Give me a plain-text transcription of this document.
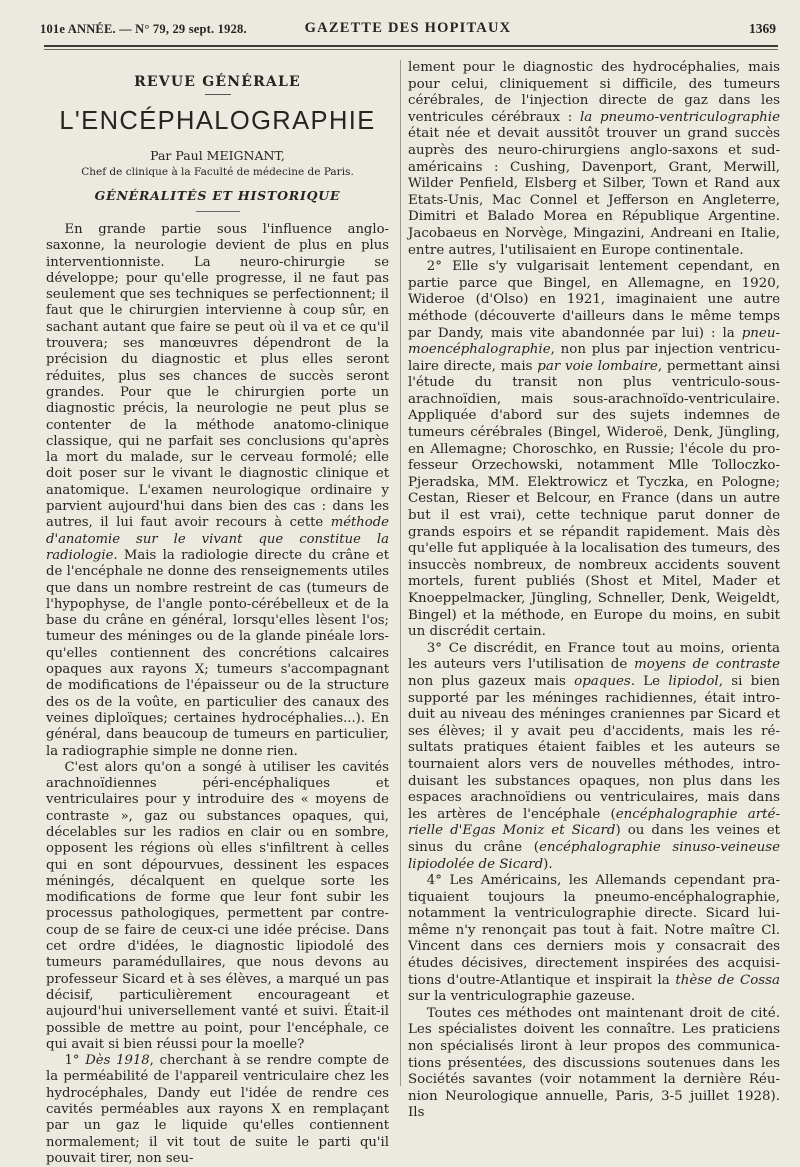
101e ANNÉE. — N° 79, 29 sept. 1928.	GAZETTE DES HOPITAUX	1369
REVUE GÉNÉRALE
L'ENCÉPHALOGRAPHIE
Par Paul MEIGNANT,
Chef de clinique à la Faculté de médecine de Paris.
GÉNÉRALITÉS ET HISTORIQUE

En grande partie sous l'influence anglo-saxonne, la neurologie devient de plus en plus interventionniste. La neuro-chirurgie se développe; pour qu'elle progresse, il ne faut pas seulement que ses techniques se perfectionnent; il faut que le chirurgien intervienne à coup sûr, en sachant autant que faire se peut où il va et ce qu'il trouvera; ses manœuvres dépendront de la précision du diagnostic et plus elles seront réduites, plus ses chances de succès seront grandes. Pour que le chirurgien porte un diagnostic précis, la neurologie ne peut plus se contenter de la méthode anatomo-clinique classique, qui ne parfait ses conclusions qu'après la mort du malade, sur le cerveau formolé; elle doit poser sur le vivant le diagnostic clinique et anatomique. L'examen neurologique ordinaire y parvient aujourd'hui dans bien des cas : dans les autres, il lui faut avoir recours à cette méthode d'anatomie sur le vivant que constitue la radiologie. Mais la radiologie directe du crâne et de l'encéphale ne donne des renseignements utiles que dans un nombre restreint de cas (tumeurs de l'hypophyse, de l'angle ponto-cérébelleux et de la base du crâne en général, lorsqu'elles lèsent l'os; tumeur des méninges ou de la glande pinéale lorsqu'elles contiennent des concrétions calcaires opaques aux rayons X; tumeurs s'accompagnant de modifications de l'épaisseur ou de la structure des os de la voûte, en particulier des canaux des veines diploïques; certaines hydrocéphalies...). En général, dans beaucoup de tumeurs en particulier, la radiographie simple ne donne rien.

C'est alors qu'on a songé à utiliser les cavités arachnoïdiennes péri-encéphaliques et ventriculaires pour y introduire des « moyens de contraste », gaz ou substances opaques, qui, décelables sur les radios en clair ou en sombre, opposent les régions où elles s'infiltrent à celles qui en sont dépourvues, dessinent les espaces méningés, décalquent en quelque sorte les modifications de forme que leur font subir les processus pathologiques, permettent par contre-coup de se faire de ceux-ci une idée précise. Dans cet ordre d'idées, le diagnostic lipiodolé des tumeurs paramédullaires, que nous devons au professeur Sicard et à ses élèves, a marqué un pas décisif, particulièrement encourageant et aujourd'hui universellement vanté et suivi. Était-il possible de mettre au point, pour l'encéphale, ce qui avait si bien réussi pour la moelle?

1° Dès 1918, cherchant à se rendre compte de la perméabilité de l'appareil ventriculaire chez les hydrocéphales, Dandy eut l'idée de rendre ces cavités perméables aux rayons X en remplaçant par un gaz le liquide qu'elles contiennent normalement; il vit tout de suite le parti qu'il pouvait tirer, non seu-

lement pour le diagnostic des hydrocéphalies, mais pour celui, cliniquement si difficile, des tumeurs cérébrales, de l'injection directe de gaz dans les ventricules cérébraux : la pneumo-ventriculographie était née et devait aussitôt trouver un grand succès auprès des neuro-chirurgiens anglo-saxons et sud-américains : Cushing, Davenport, Grant, Merwill, Wilder Penfield, Elsberg et Silber, Town et Rand aux Etats-Unis, Mac Connel et Jefferson en Angleterre, Dimitri et Balado Morea en République Argentine. Jacobaeus en Norvège, Mingazini, Andreani en Italie, entre autres, l'utilisaient en Europe continentale.

2° Elle s'y vulgarisait lentement cependant, en partie parce que Bingel, en Allemagne, en 1920, Wideroe (d'Olso) en 1921, imaginaient une autre méthode (découverte d'ailleurs dans le même temps par Dandy, mais vite abandonnée par lui) : la pneumoencéphalographie, non plus par injection ventriculaire directe, mais par voie lombaire, permettant ainsi l'étude du transit non plus ventriculo-sous-arachnoïdien, mais sous-arachnoïdo-ventriculaire. Appliquée d'abord sur des sujets indemnes de tumeurs cérébrales (Bingel, Wideroë, Denk, Jüngling, en Allemagne; Choroschko, en Russie; l'école du professeur Orzechowski, notamment Mlle Tolloczko-Pjeradska, MM. Elektrowicz et Tyczka, en Pologne; Cestan, Rieser et Belcour, en France (dans un autre but il est vrai), cette technique parut donner de grands espoirs et se répandit rapidement. Mais dès qu'elle fut appliquée à la localisation des tumeurs, des insuccès nombreux, de nombreux accidents souvent mortels, furent publiés (Shost et Mitel, Mader et Knoeppelmacker, Jüngling, Schneller, Denk, Weigeldt, Bingel) et la méthode, en Europe du moins, en subit un discrédit certain.

3° Ce discrédit, en France tout au moins, orienta les auteurs vers l'utilisation de moyens de contraste non plus gazeux mais opaques. Le lipiodol, si bien supporté par les méninges rachidiennes, était introduit au niveau des méninges craniennes par Sicard et ses élèves; il y avait peu d'accidents, mais les résultats pratiques étaient faibles et les auteurs se tournaient alors vers de nouvelles méthodes, introduisant les substances opaques, non plus dans les espaces arachnoïdiens ou ventriculaires, mais dans les artères de l'encéphale (encéphalographie artérielle d'Egas Moniz et Sicard) ou dans les veines et sinus du crâne (encéphalographie sinuso-veineuse lipiodolée de Sicard).

4° Les Américains, les Allemands cependant pratiquaient toujours la pneumo-encéphalographie, notamment la ventriculographie directe. Sicard lui-même n'y renonçait pas tout à fait. Notre maître Cl. Vincent dans ces derniers mois y consacrait des études décisives, directement inspirées des acquisitions d'outre-Atlantique et inspirait la thèse de Cossa sur la ventriculographie gazeuse.

Toutes ces méthodes ont maintenant droit de cité. Les spécialistes doivent les connaître. Les praticiens non spécialisés liront à leur propos des communications présentées, des discussions soutenues dans les Sociétés savantes (voir notamment la dernière Réunion Neurologique annuelle, Paris, 3-5 juillet 1928). Ils
